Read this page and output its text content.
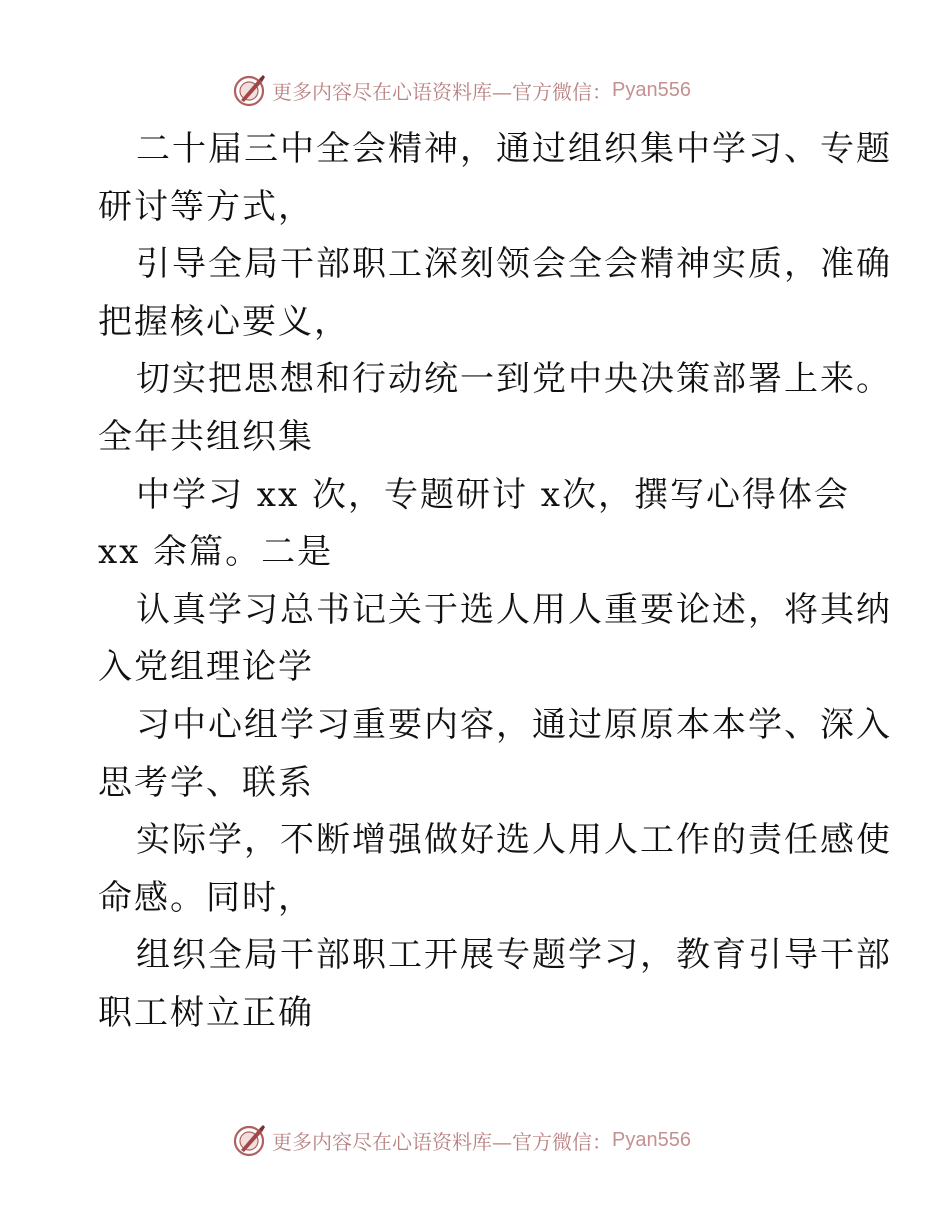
更多内容尽在心语资料库—官方微信： Pyan556
二十届三中全会精神，通过组织集中学习、专题
研讨等方式，
引导全局干部职工深刻领会全会精神实质，准确
把握核心要义，
切实把思想和行动统一到党中央决策部署上来。
全年共组织集
中学习 xx 次，专题研讨 x次，撰写心得体会
xx 余篇。二是
认真学习总书记关于选人用人重要论述，将其纳
入党组理论学
习中心组学习重要内容，通过原原本本学、深入
思考学、联系
实际学，不断增强做好选人用人工作的责任感使
命感。同时，
组织全局干部职工开展专题学习，教育引导干部
职工树立正确
更多内容尽在心语资料库—官方微信： Pyan556
